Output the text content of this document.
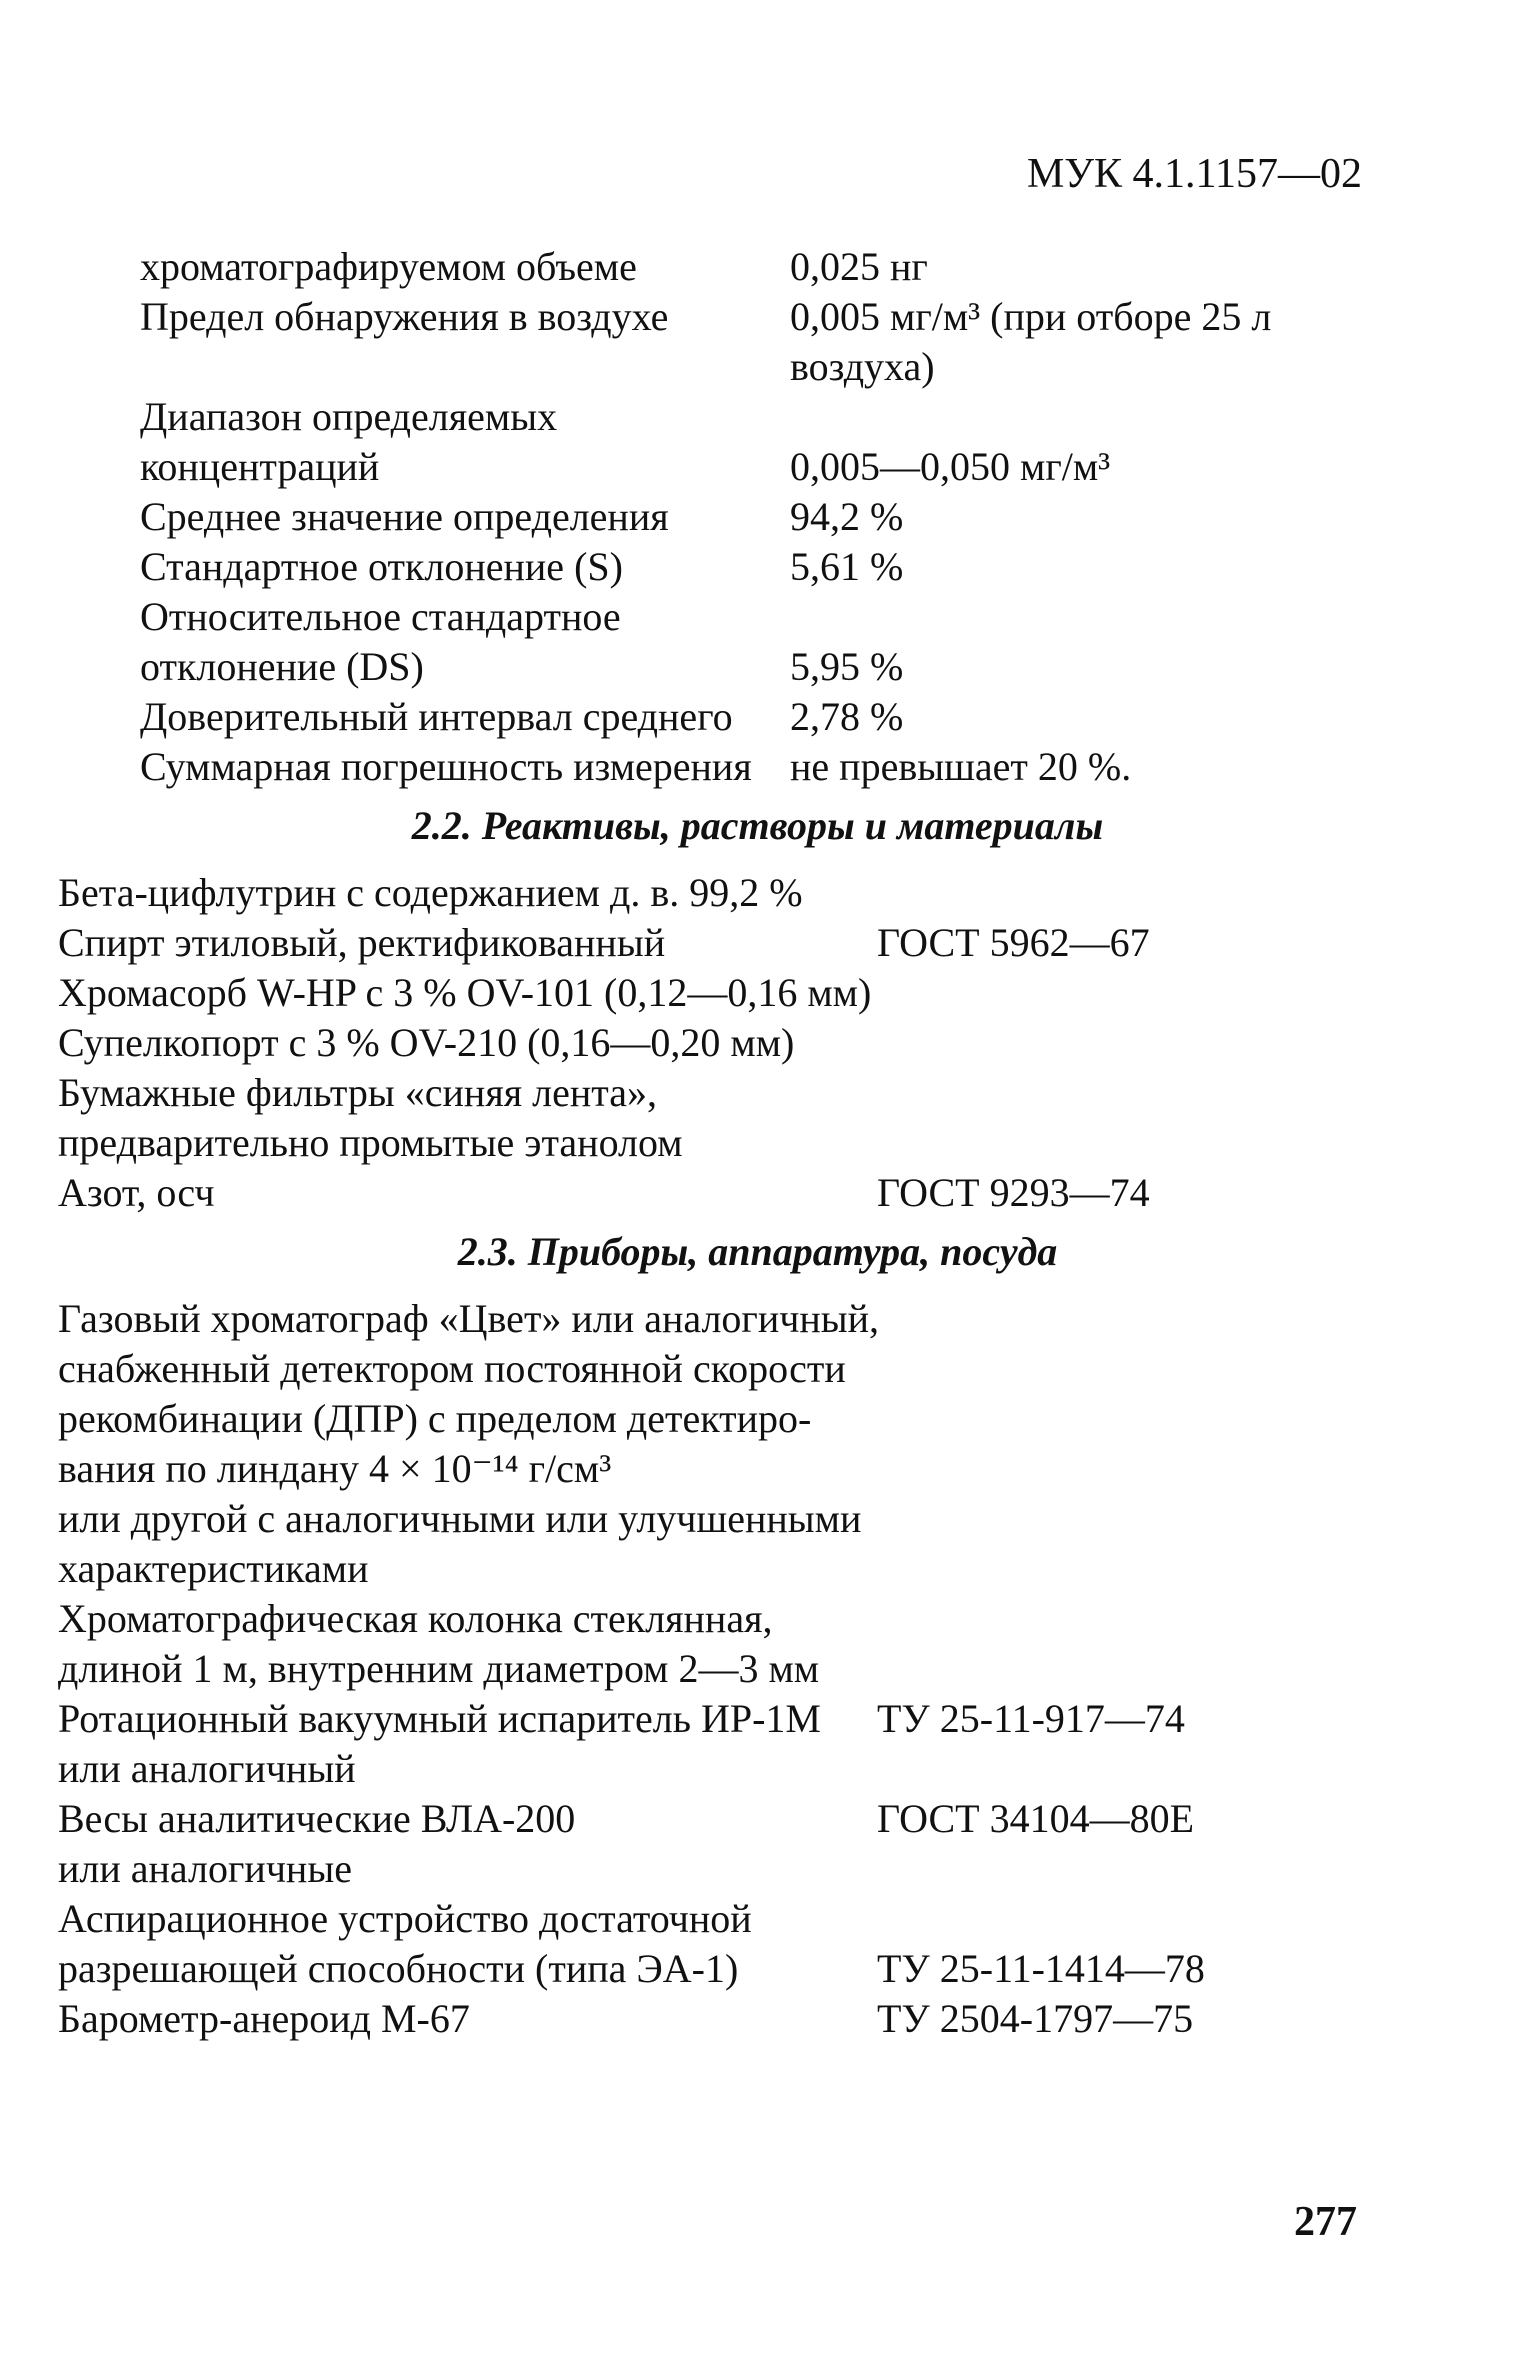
МУК 4.1.1157—02
хроматографируемом объеме	0,025 нг
Предел обнаружения в воздухе	0,005 мг/м³ (при отборе 25 л
воздуха)
Диапазон определяемых
концентраций	0,005—0,050 мг/м³
Среднее значение определения	94,2 %
Стандартное отклонение (S)	5,61 %
Относительное стандартное
отклонение (DS)	5,95 %
Доверительный интервал среднего 2,78 %
Суммарная погрешность измерения не превышает 20 %.
2.2. Реактивы, растворы и материалы
Бета-цифлутрин с содержанием д. в. 99,2 %
Спирт этиловый, ректификованный	ГОСТ 5962—67
Хромасорб W-HP с 3 % OV-101 (0,12—0,16 мм)
Супелкопорт с 3 % OV-210 (0,16—0,20 мм)
Бумажные фильтры «синяя лента»,
предварительно промытые этанолом
Азот, осч	ГОСТ 9293—74
2.3. Приборы, аппаратура, посуда
Газовый хроматограф «Цвет» или аналогичный,
снабженный детектором постоянной скорости
рекомбинации (ДПР) с пределом детектиро-
вания по линдану 4 × 10⁻¹⁴ г/см³
или другой с аналогичными или улучшенными
характеристиками
Хроматографическая колонка стеклянная,
длиной 1 м, внутренним диаметром 2—3 мм
Ротационный вакуумный испаритель ИР-1М ТУ 25-11-917—74
или аналогичный
Весы аналитические ВЛА-200	ГОСТ 34104—80Е
или аналогичные
Аспирационное устройство достаточной
разрешающей способности (типа ЭА-1)	ТУ 25-11-1414—78
Барометр-анероид М-67	ТУ 2504-1797—75
277
